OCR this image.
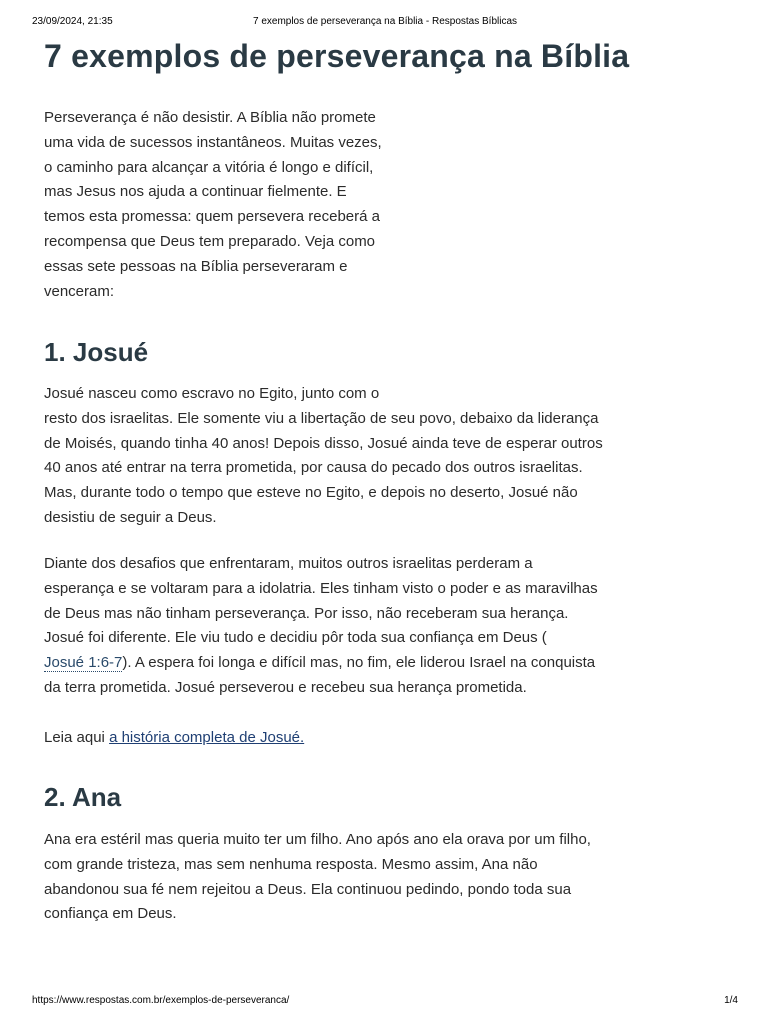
23/09/2024, 21:35	7 exemplos de perseverança na Bíblia - Respostas Bíblicas
7 exemplos de perseverança na Bíblia

Perseverança é não desistir. A Bíblia não promete
uma vida de sucessos instantâneos. Muitas vezes,
o caminho para alcançar a vitória é longo e difícil,
mas Jesus nos ajuda a continuar fielmente. E
temos esta promessa: quem persevera receberá a
recompensa que Deus tem preparado. Veja como
essas sete pessoas na Bíblia perseveraram e
venceram:

1. Josué

Josué nasceu como escravo no Egito, junto com o
resto dos israelitas. Ele somente viu a libertação de seu povo, debaixo da liderança
de Moisés, quando tinha 40 anos! Depois disso, Josué ainda teve de esperar outros
40 anos até entrar na terra prometida, por causa do pecado dos outros israelitas.
Mas, durante todo o tempo que esteve no Egito, e depois no deserto, Josué não
desistiu de seguir a Deus.

Diante dos desafios que enfrentaram, muitos outros israelitas perderam a
esperança e se voltaram para a idolatria. Eles tinham visto o poder e as maravilhas
de Deus mas não tinham perseverança. Por isso, não receberam sua herança.
Josué foi diferente. Ele viu tudo e decidiu pôr toda sua confiança em Deus (
Josué 1:6-7). A espera foi longa e difícil mas, no fim, ele liderou Israel na conquista
da terra prometida. Josué perseverou e recebeu sua herança prometida.

Leia aqui a história completa de Josué.

2. Ana

Ana era estéril mas queria muito ter um filho. Ano após ano ela orava por um filho,
com grande tristeza, mas sem nenhuma resposta. Mesmo assim, Ana não
abandonou sua fé nem rejeitou a Deus. Ela continuou pedindo, pondo toda sua
confiança em Deus.

https://www.respostas.com.br/exemplos-de-perseveranca/	1/4
